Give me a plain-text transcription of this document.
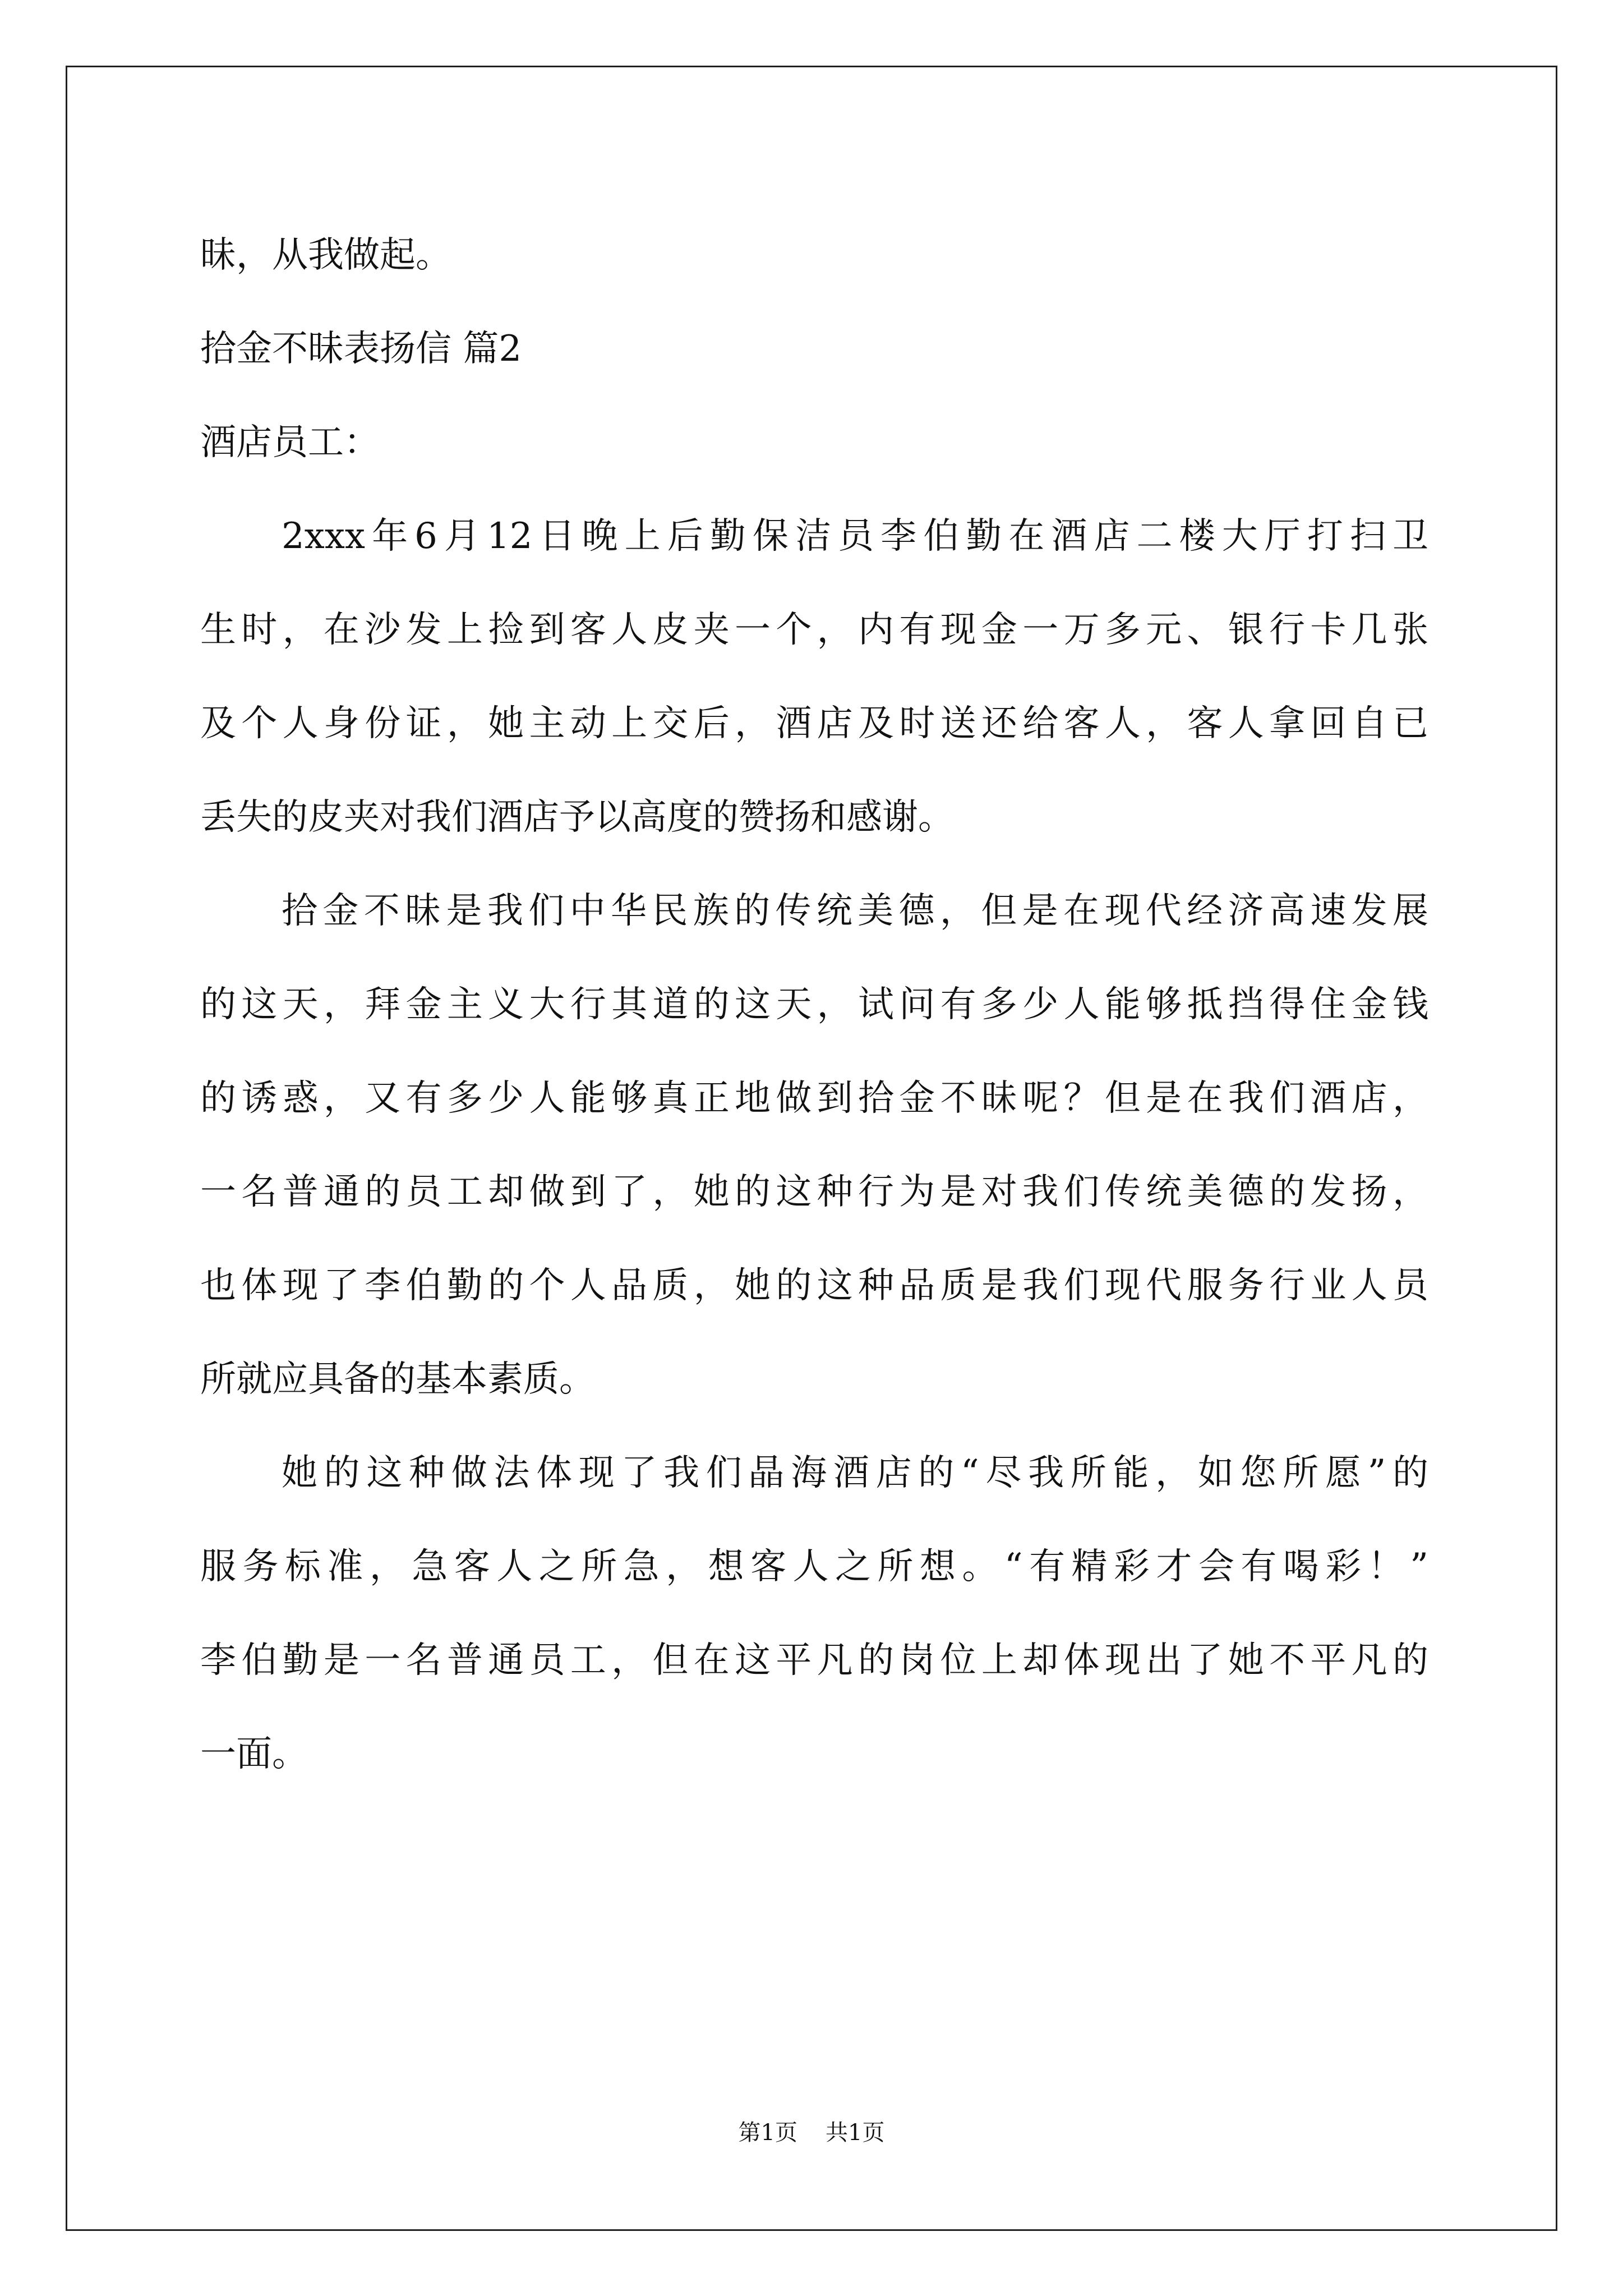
昧，从我做起。
拾金不昧表扬信 篇2
酒店员工：
2xxx年6月12日晚上后勤保洁员李伯勤在酒店二楼大厅打扫卫
生时，在沙发上捡到客人皮夹一个，内有现金一万多元、银行卡几张
及个人身份证，她主动上交后，酒店及时送还给客人，客人拿回自已
丢失的皮夹对我们酒店予以高度的赞扬和感谢。
拾金不昧是我们中华民族的传统美德，但是在现代经济高速发展
的这天，拜金主义大行其道的这天，试问有多少人能够抵挡得住金钱
的诱惑，又有多少人能够真正地做到拾金不昧呢？但是在我们酒店，
一名普通的员工却做到了，她的这种行为是对我们传统美德的发扬，
也体现了李伯勤的个人品质，她的这种品质是我们现代服务行业人员
所就应具备的基本素质。
她的这种做法体现了我们晶海酒店的“尽我所能，如您所愿”的
服务标准，急客人之所急，想客人之所想。“有精彩才会有喝彩！”
李伯勤是一名普通员工，但在这平凡的岗位上却体现出了她不平凡的
一面。
第1页 共1页
